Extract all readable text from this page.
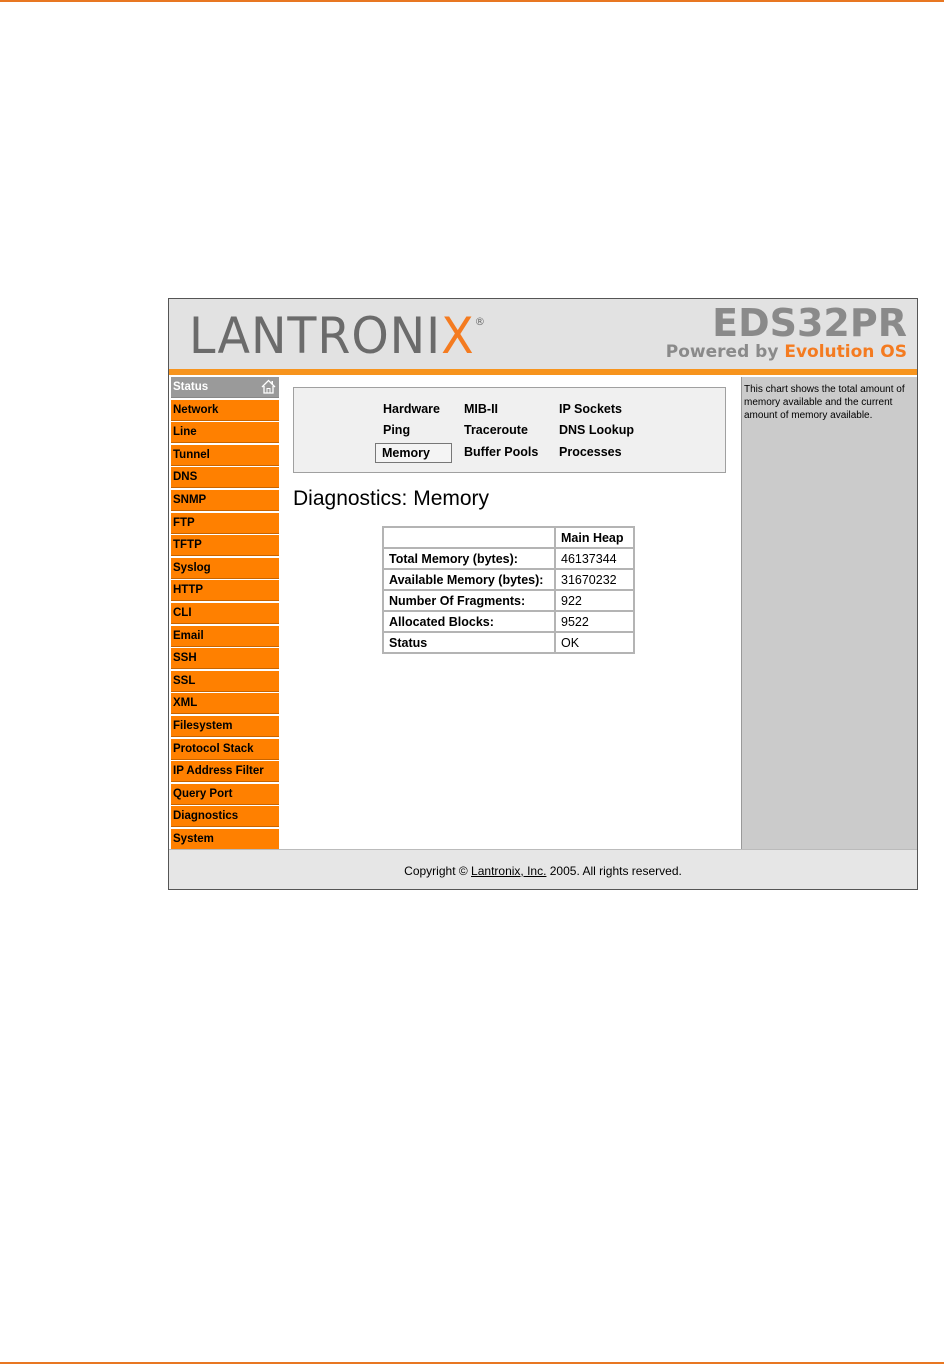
LANTRONIX®	EDS32PR
Powered by Evolution OS
Status
Network
Line
Tunnel
DNS
SNMP
FTP
TFTP
Syslog
HTTP
CLI
Email
SSH
SSL
XML
Filesystem
Protocol Stack
IP Address Filter
Query Port
Diagnostics
System
Hardware MIB-II	IP Sockets
Ping	Traceroute DNS Lookup
Memory	Buffer Pools Processes
Diagnostics: Memory
	Main Heap
Total Memory (bytes):	46137344
Available Memory (bytes):	31670232
Number Of Fragments:	922
Allocated Blocks:	9522
Status	OK
This chart shows the total amount of memory available and the current amount of memory available.
Copyright © Lantronix, Inc. 2005. All rights reserved.
